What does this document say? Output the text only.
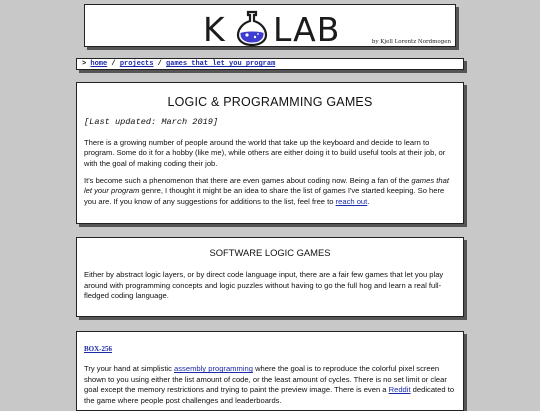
K LAB	by Kjell Lorentz Nordmogen
> home / projects / games that let you program
LOGIC & PROGRAMMING GAMES
[Last updated: March 2019]

There is a growing number of people around the world that take up the keyboard and decide to learn to program. Some do it for a hobby (like me), while others are either doing it to build useful tools at their job, or with the goal of making coding their job.

It's become such a phenomenon that there are even games about coding now. Being a fan of the games that let your program genre, I thought it might be an idea to share the list of games I've started keeping. So here you are. If you know of any suggestions for additions to the list, feel free to reach out.

SOFTWARE LOGIC GAMES

Either by abstract logic layers, or by direct code language input, there are a fair few games that let you play around with programming concepts and logic puzzles without having to go the full hog and learn a real full-fledged coding language.

BOX-256

Try your hand at simplistic assembly programming where the goal is to reproduce the colorful pixel screen shown to you using either the list amount of code, or the least amount of cycles. There is no set limit or clear goal except the memory restrictions and trying to paint the preview image. There is even a Reddit dedicated to the game where people post challenges and leaderboards.
